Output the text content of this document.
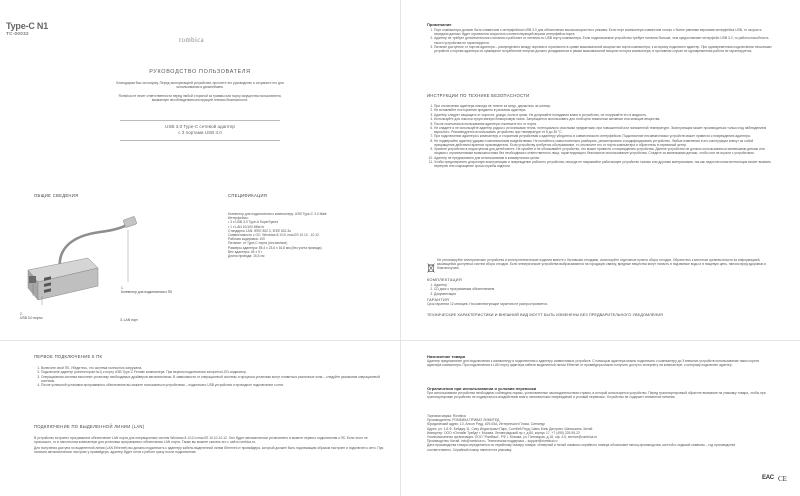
Type-C N1
TC-00032
rombica
РУКОВОДСТВО ПОЛЬЗОВАТЕЛЯ
Благодарим Вас за покупку. Перед эксплуатацией устройства, прочтите это руководство и сохраните его для использования в дальнейшем.
Rombica не несет ответственности перед любой стороной за травмы или порчу имущества пользователя, вызванную несоблюдением инструкций техники безопасности.
USB 3.0 Type-C сетевой адаптер
с 3 портами USB 3.0
ОБЩИЕ СВЕДЕНИЯ
1.
Коннектор для подключения к ПК
2.
USB 3.0 порты	3. LAN порт
СПЕЦИФИКАЦИЯ
Коннектор для подключения к компьютеру: USB Type-C 3.0 Male
Интерфейсы:
• 3 x USB 3.0 Type-A SuperSpeed
• 1 x LAN 10/100 Мбит/с
Стандарты LAN: IEEE 802.3, IEEE 802.3u
Совместимость с ОС: Windows 8.1/10, macOS 10.10 - 10.12
Рабочая кодировка: 100
Питание: от Type-C порта (несъемное)
Размеры адаптера: 85,4 x 23,6 x 16,8 мм (без учета провода)
Вес адаптера: 45 ± 5 г
Длина провода: 15,5 см
ПЕРВОЕ ПОДКЛЮЧЕНИЕ К ПК
1. Включите свой ПК. Убедитесь, что система полностью загружена.
2. Подключите адаптер (коннектором №1) к порту USB Type-C Female компьютера. При верном подключении загорится LED-индикатор.
3. Операционная система выполнит установку необходимых драйверов автоматически. В зависимости от операционной системы и процесса установки могут появиться различные окна – следуйте указаниям операционной системы.
4. После успешной установки программного обеспечения вы можете пользоваться устройством – подключать USB устройства и проводное подключение к сети.
ПОДКЛЮЧЕНИЕ ПО ВЫДЕЛЕННОЙ ЛИНИИ (LAN)
В устройство встроено программное обеспечение LAN порта для операционных систем Windows 8.1/10 и macOS 10.10-10.12. Оно будет автоматически установлено в момент первого подключения к ПК. Если этого не произошло, то в настольном компьютере для установки программного обеспечения LAN порта. Также вы можете скачать его с сайта rombica.ru.
Для получения доступа по выделенной линии (LAN Ethernet) вы должны подключить к адаптеру кабель выделенной линии Ethernet от провайдера, который должен быть надлежащим образом настроен и подключен к сети. При наличии автоматических настроек у провайдера, адаптер будет готов к работе сразу после подключения.
Примечание
1. Порт компьютера должен быть совместим с интерфейсом USB 3.0 для обеспечения высокоскоростного режима. Если порт компьютера совместим только с более ранними версиями интерфейса USB, то скорость передачи данных будет ограничена скоростью соответствующей версии интерфейса порта.
2. Адаптер не требует дополнительного питания и работает от питания по USB порту компьютера. Если подключаемое устройство требует питания больше, чем предоставляет интерфейс USB 3.0, то работоспособность такого устройства не гарантируется.
3. Питание доступное от портов адаптера – распределено между портами и ограничено в сумме максимальной мощностью порта компьютера, к которому подключен адаптер. При одновременном подключении нескольких устройств к портам адаптера их суммарное потребление энергии должно укладываться в рамки максимальной мощности порта компьютера, в противном случае их одновременная работа не гарантируется.
ИНСТРУКЦИИ ПО ТЕХНИКЕ БЕЗОПАСНОСТИ
1. При отключении адаптера никогда не тяните за шнур, держитесь за штекер.
2. Не вставляйте посторонние предметы в разъемы адаптера.
3. Адаптер следует защищать от сырости, дождя, пыли и грязи. Не допускайте попадания влаги в устройство, не погружайте его в жидкость.
4. Используйте для очистки сухую мягкую безворсовую ткань. Запрещается использовать для этой цели химически активные или моющие вещества.
5. После окончания использования адаптера отключите его от порта.
6. Не кладите и не используйте адаптер рядом с источниками тепла, потенциально опасными предметами, при повышенной или пониженной температуре. Эксплуатация может производиться только под наблюдением взрослого. Рекомендуется использовать устройство при температуре от 5 до 35 °C.
7. При подключении адаптера к компьютеру и сторонним устройствам к адаптеру убедитесь в совместимости интерфейсов. Подключение несовместимых устройств может привести к повреждению адаптера.
8. Не подвергайте адаптер ударам и механическим воздействиям. Не пытайтесь самостоятельно разбирать, ремонтировать и модифицировать устройство. Любые изменения в его конструкции влекут за собой прекращение действия гарантии производителя. Если устройству требуется обслуживание, то отключите его от порта компьютера и обратитесь в сервисный центр.
9. Храните устройство в недоступном для детей месте. Не кусайте и не облизывайте устройство, это может привести к повреждению устройства. Данное устройство не должно использоваться маленькими детьми или лицами с ограниченными возможностями без необходимого ответственного лица, гарантирующего безопасное использование устройства. Следите за маленькими детьми, чтобы они не играли с устройством.
10. Адаптер не предназначен для использования в коммерческих целях.
11. Чтобы предотвратить досрочную эксплуатацию и повреждение рабочего устройства, никогда не накрывайте работающее устройство тканью или другими материалами, так как недостаточная вентиляция может вызвать перегрев или сокращение срока службы изделия.
Не утилизируйте электрические устройства и электротехнические изделия вместе с бытовыми отходами, используйте отдельные пункты сбора отходов. Обратитесь к местным органам власти за информацией, касающейся доступных систем сбора отходов. Если электрические устройства выбрасываются на городскую свалку, вредные вещества могут попасть в подземные воды и в пищевую цепь, нанося вред здоровью и благополучию.
КОМПЛЕКТАЦИЯ
1. Адаптер
2. CD диск с программным обеспечением
3. Документация
ГАРАНТИЯ
Срок гарантии 12 месяцев. На комплектующие гарантия не распространяется.
ТЕХНИЧЕСКИЕ ХАРАКТЕРИСТИКИ И ВНЕШНИЙ ВИД МОГУТ БЫТЬ ИЗМЕНЕНЫ БЕЗ ПРЕДВАРИТЕЛЬНОГО УВЕДОМЛЕНИЯ
Назначение товара
Адаптер предназначен для подключения к компьютеру и подключения к адаптеру совместимых устройств. С помощью адаптера можно подключить к компьютеру до 3 внешних устройств использования таких портов адаптера компьютера. При подключении к LAN порту адаптера кабеля выделенной линии Ethernet от провайдера можно получить доступ к интернету на компьютере, к которому подключен адаптер.
Ограничения при использовании и условия перевозки
При использовании устройства необходимо соблюдать нормы, установленные законодательством страны, в которой используется устройство. Перед транспортировкой обратите внимание на упаковку товара, чтобы при транспортировке устройство не подвергалось воздействию влаги, механических повреждений и условий перевозки. Устройство не содержит элементов питания.
Торговая марка: Rombica
Производитель: РОМБИКА ПРИВАТ ЛИМИТЕД
Юридический адрес: 10, Ансон Роуд, #29-05А, Интернешнл Плаза, Сингапур
Адрес: ул. 1-й Ф. Бейджу 11, Сиху Индастриал Парк, Сонгбей Роуд, Шань Бэнь Дистрикт, Шэньчжэнь, Китай
Импортер: ООО «Онлайн Трейд» г. Москва, Ленинградский пр-т, д.80, корпус 17, +7 (495) 225-95-22
Уполномоченная организация: ООО "Ромбика", РФ, г. Москва, ул. Пятницкая, д.18, оф. 4-5, service@rombica.ru
Производство: Китай. info@rombica.ru. Техническая поддержка – support@rombica.ru
Дата производства товара определяется по серийному номеру товара: четвертый и пятый символы серийного номера обозначают месяц производства, шестой и седьмой символы – год производства соответственно. Серийный номер нанесен на упаковку.
EAC CE
